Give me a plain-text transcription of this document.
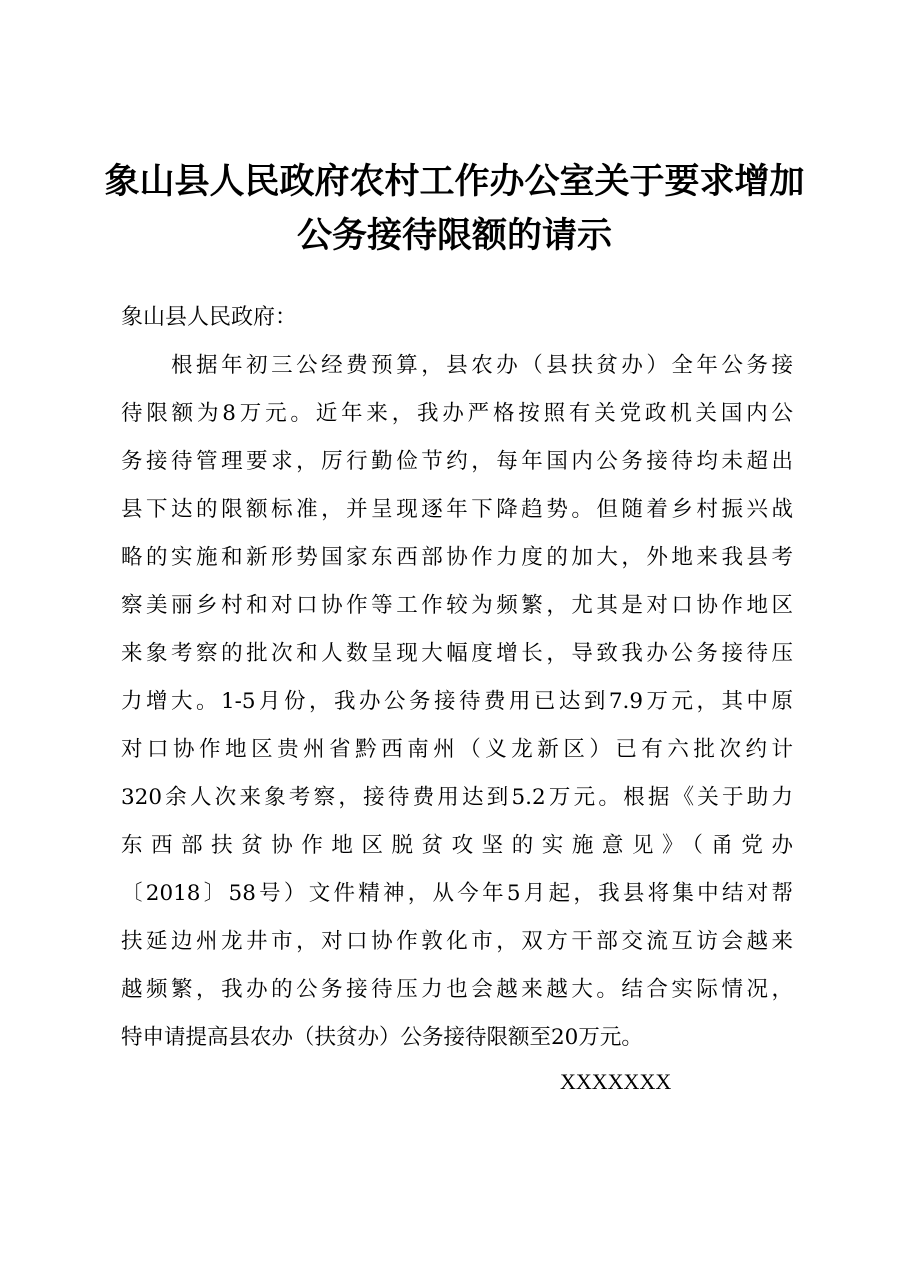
象山县人民政府农村工作办公室关于要求增加
公务接待限额的请示

象山县人民政府：

　　根据年初三公经费预算，县农办（县扶贫办）全年公务接
待限额为8万元。近年来，我办严格按照有关党政机关国内公
务接待管理要求，厉行勤俭节约，每年国内公务接待均未超出
县下达的限额标准，并呈现逐年下降趋势。但随着乡村振兴战
略的实施和新形势国家东西部协作力度的加大，外地来我县考
察美丽乡村和对口协作等工作较为频繁，尤其是对口协作地区
来象考察的批次和人数呈现大幅度增长，导致我办公务接待压
力增大。1-5月份，我办公务接待费用已达到7.9万元，其中原
对口协作地区贵州省黔西南州（义龙新区）已有六批次约计
320余人次来象考察，接待费用达到5.2万元。根据《关于助力
东西部扶贫协作地区脱贫攻坚的实施意见》（甬党办
〔2018〕58号）文件精神，从今年5月起，我县将集中结对帮
扶延边州龙井市，对口协作敦化市，双方干部交流互访会越来
越频繁，我办的公务接待压力也会越来越大。结合实际情况，
特申请提高县农办（扶贫办）公务接待限额至20万元。

XXXXXXX
